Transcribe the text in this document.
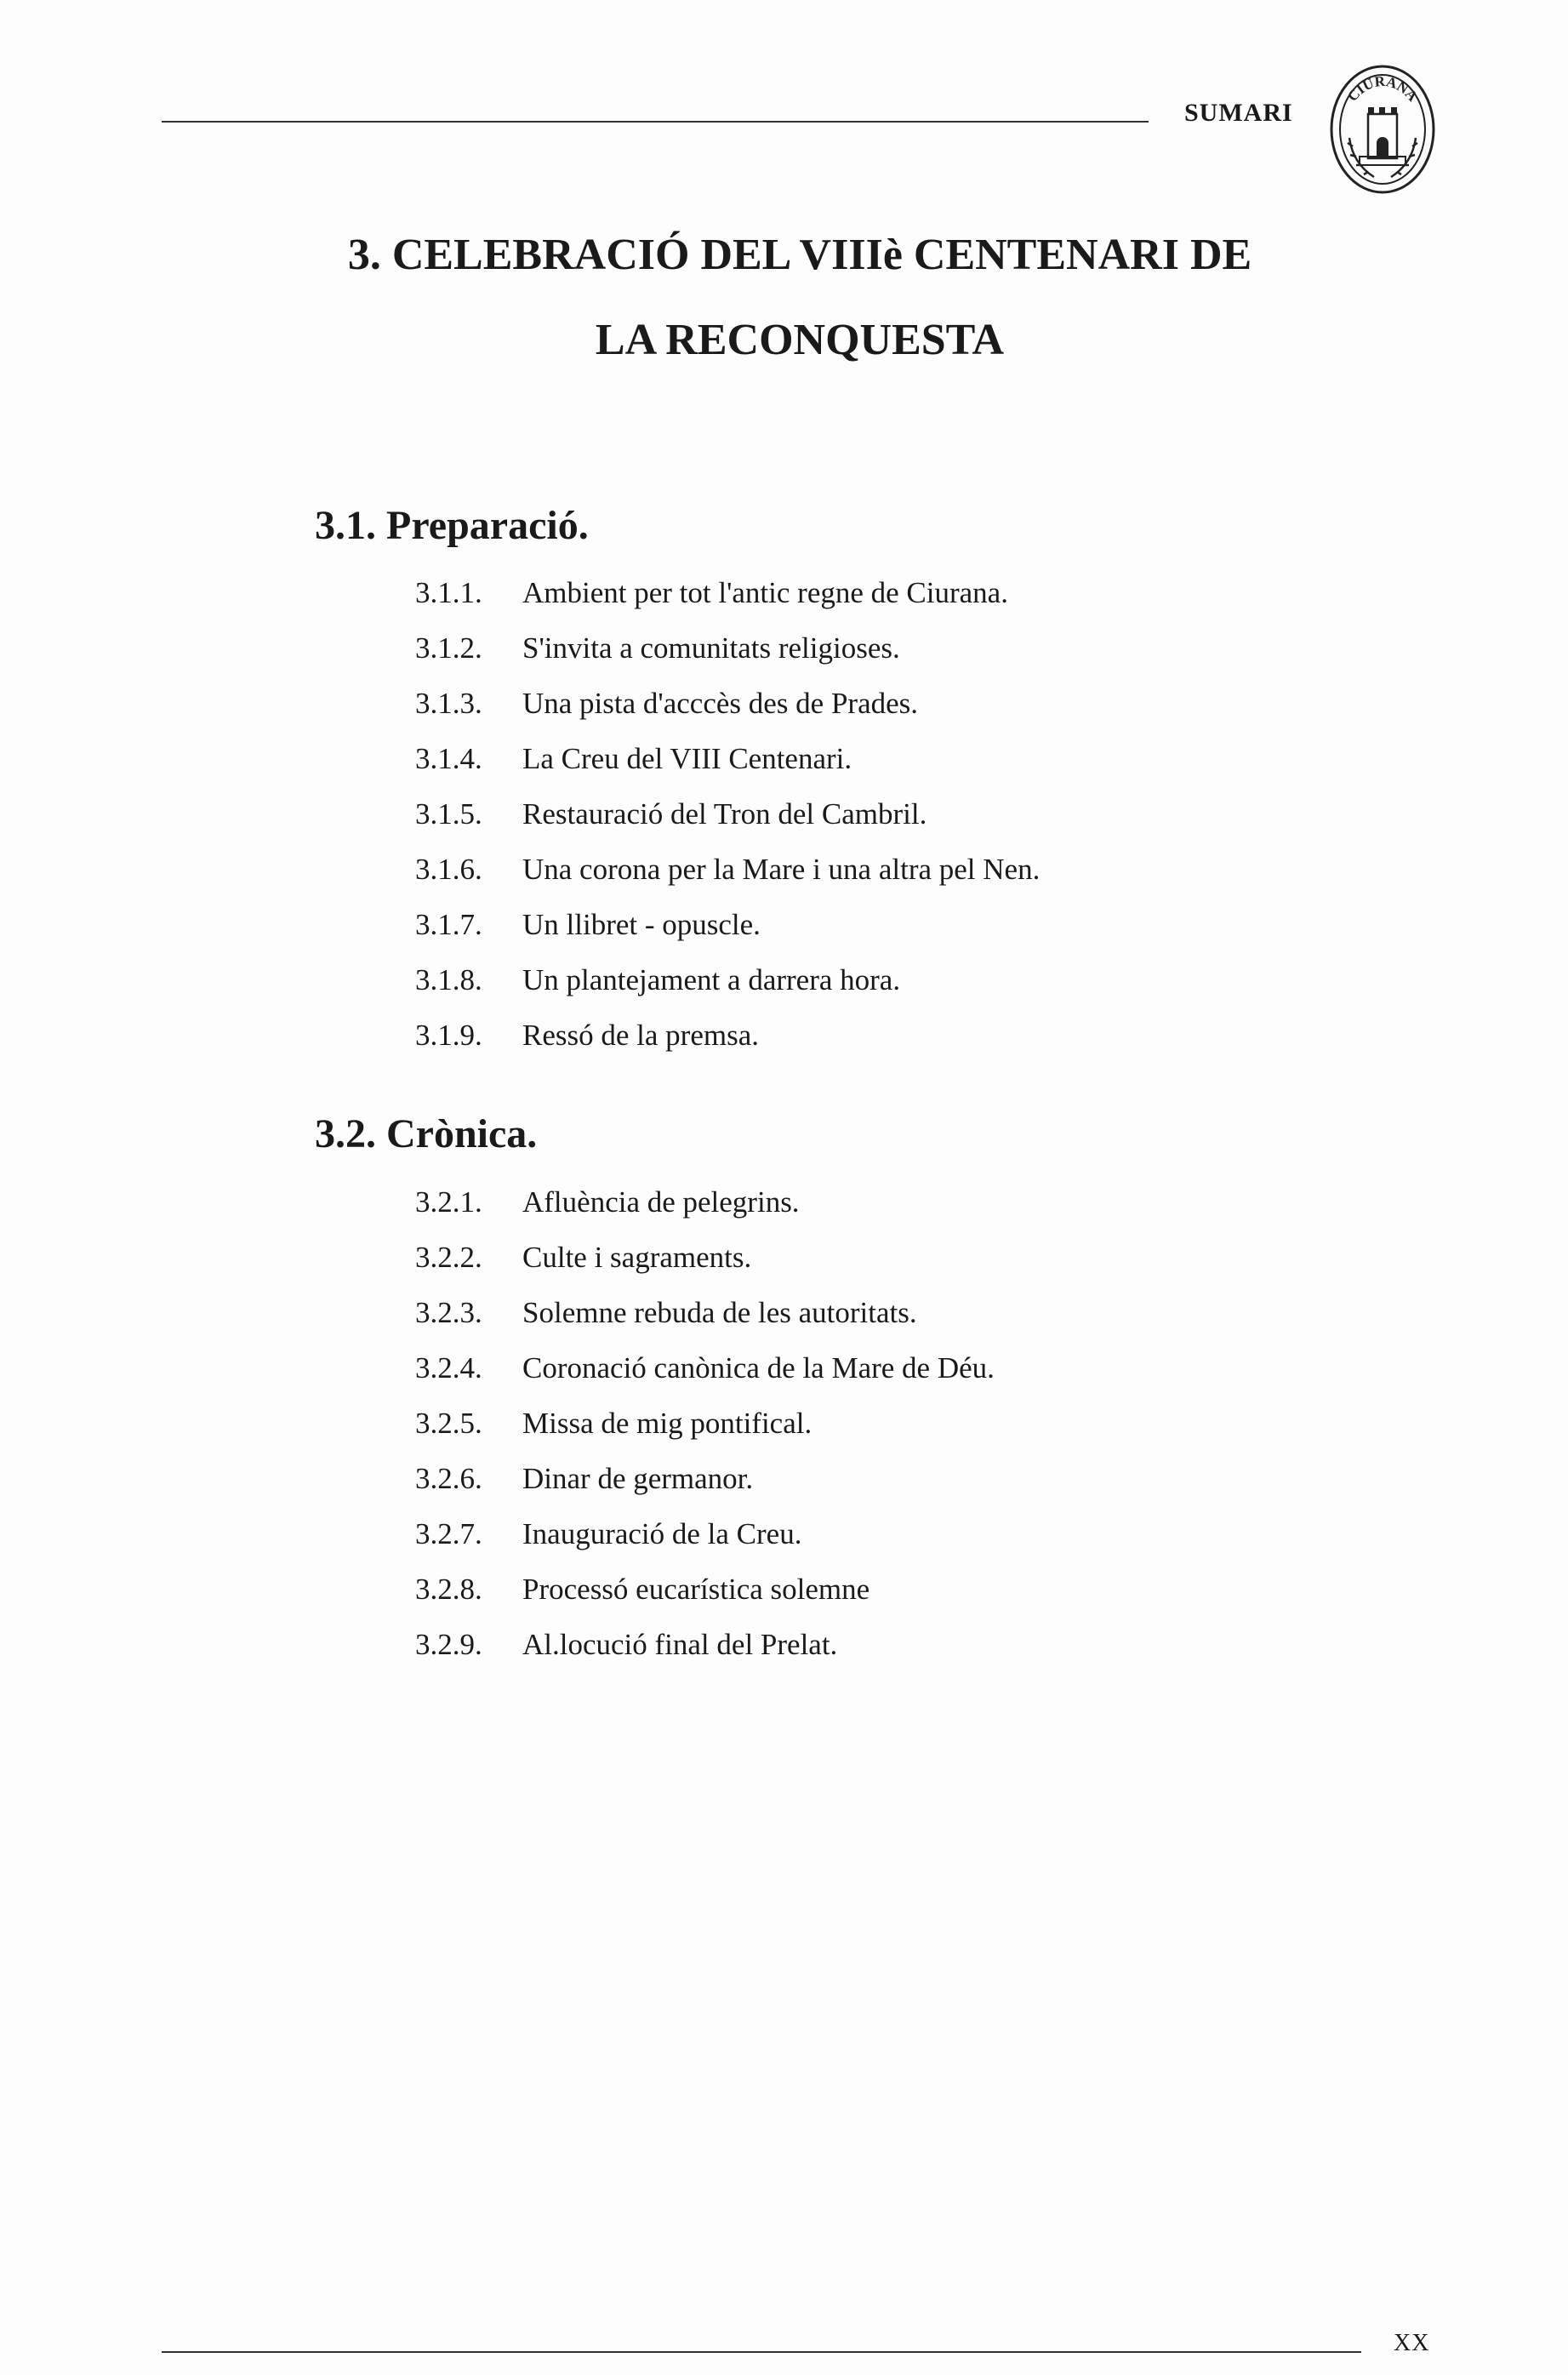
SUMARI
CIURANA
3. CELEBRACIÓ DEL VIIIè CENTENARI DE
LA RECONQUESTA
3.1. Preparació.
3.1.1. Ambient per tot l'antic regne de Ciurana.
3.1.2. S'invita a comunitats religioses.
3.1.3. Una pista d'acccès des de Prades.
3.1.4. La Creu del VIII Centenari.
3.1.5. Restauració del Tron del Cambril.
3.1.6. Una corona per la Mare i una altra pel Nen.
3.1.7. Un llibret - opuscle.
3.1.8. Un plantejament a darrera hora.
3.1.9. Ressó de la premsa.
3.2. Crònica.
3.2.1. Afluència de pelegrins.
3.2.2. Culte i sagraments.
3.2.3. Solemne rebuda de les autoritats.
3.2.4. Coronació canònica de la Mare de Déu.
3.2.5. Missa de mig pontifical.
3.2.6. Dinar de germanor.
3.2.7. Inauguració de la Creu.
3.2.8. Processó eucarística solemne
3.2.9. Al.locució final del Prelat.
XX
